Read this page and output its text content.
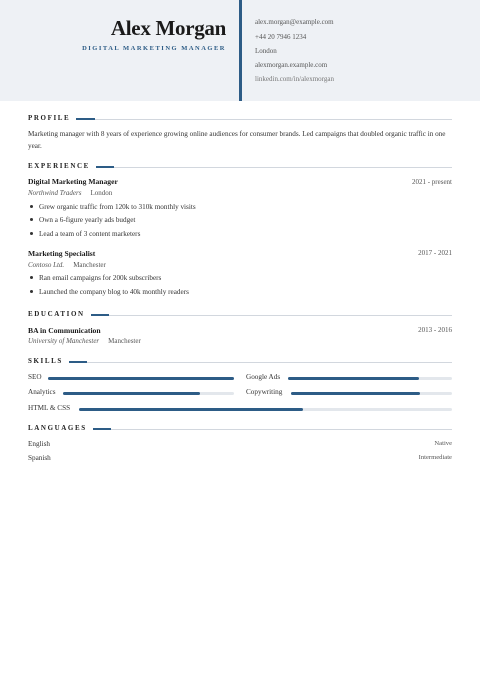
Alex Morgan
DIGITAL MARKETING MANAGER
alex.morgan@example.com
+44 20 7946 1234
London
alexmorgan.example.com
linkedin.com/in/alexmorgan
PROFILE
Marketing manager with 8 years of experience growing online audiences for consumer brands. Led campaigns that doubled organic traffic in one year.
EXPERIENCE
Digital Marketing Manager	2021 - present
Northwind Traders London
Grew organic traffic from 120k to 310k monthly visits
Own a 6-figure yearly ads budget
Lead a team of 3 content marketers
Marketing Specialist	2017 - 2021
Contoso Ltd. Manchester
Ran email campaigns for 200k subscribers
Launched the company blog to 40k monthly readers
EDUCATION
BA in Communication	2013 - 2016
University of Manchester Manchester
SKILLS
SEO	Google Ads
Analytics	Copywriting
HTML & CSS
LANGUAGES
English	Native
Spanish	Intermediate
